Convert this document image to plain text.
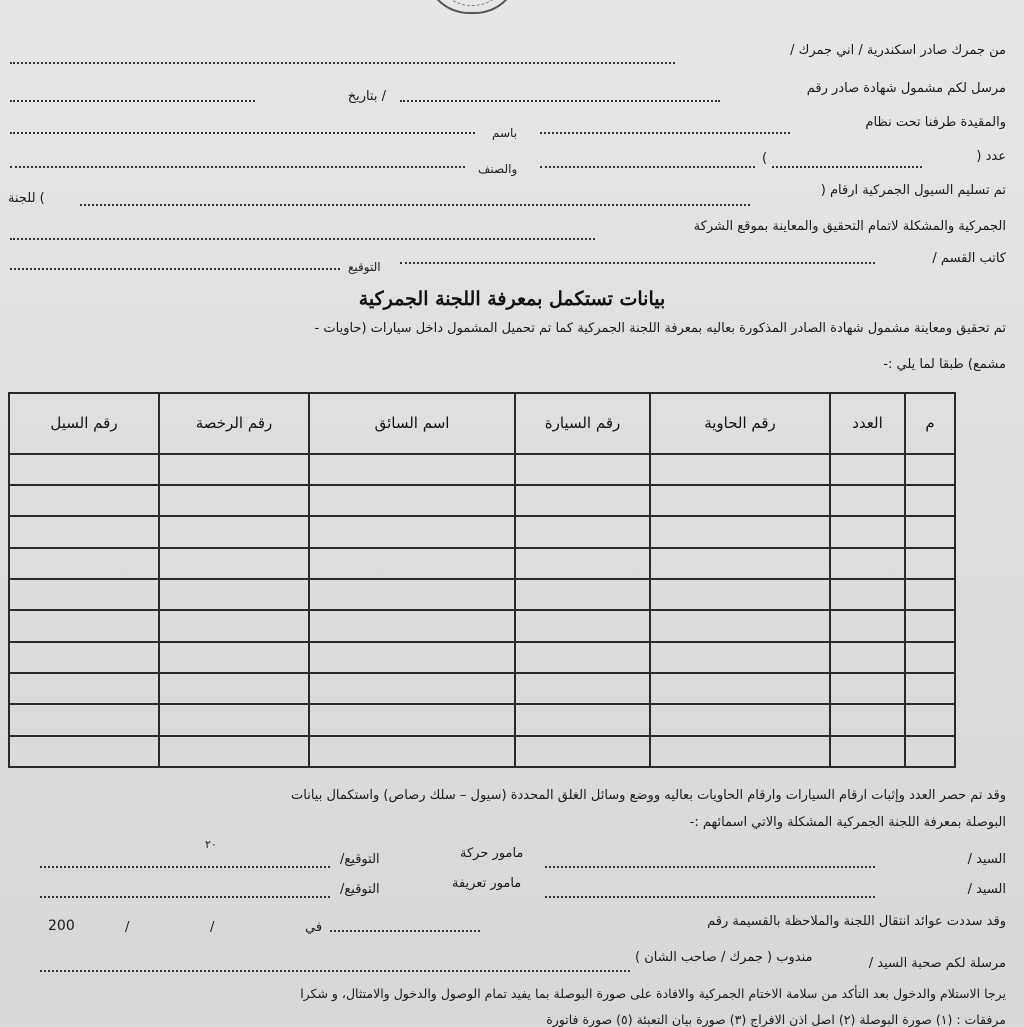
من جمرك صادر اسكندرية / اني جمرك /
مرسل لكم مشمول شهادة صادر رقم
/ بتاريخ
والمقيدة طرفنا تحت نظام
باسم
عدد (
)
والصنف
تم تسليم السيول الجمركية ارقام (
) للجنة
الجمركية والمشكلة لاتمام التحقيق والمعاينة بموقع الشركة
كاتب القسم /
التوقيع
بيانات تستكمل بمعرفة اللجنة الجمركية
تم تحقيق ومعاينة مشمول شهادة الصادر المذكورة بعاليه بمعرفة اللجنة الجمركية كما تم تحميل المشمول داخل سيارات (حاويات -
مشمع) طبقا لما يلي :-
م	العدد	رقم الحاوية	رقم السيارة	اسم السائق	رقم الرخصة	رقم السيل

وقد تم حصر العدد وإثبات ارقام السيارات وارقام الحاويات بعاليه ووضع وسائل الغلق المحددة (سيول – سلك رصاص) واستكمال بيانات
البوصلة بمعرفة اللجنة الجمركية المشكلة والاتي اسمائهم :-
٢٠
السيد /
مامور حركة
التوقيع/
السيد /
مامور تعريفة
التوقيع/
وقد سددت عوائد انتقال اللجنة والملاحظة بالقسيمة رقم
في
/
/
200
مندوب ( جمرك / صاحب الشان )	مرسلة لكم صحبة السيد /
يرجا الاستلام والدخول بعد التأكد من سلامة الاختام الجمركية والافادة على صورة البوصلة بما يفيد تمام الوصول والدخول والامتثال، و شكرا
مرفقات : (١) صورة البوصلة (٢) اصل اذن الافراج (٣) صورة بيان التعبئة (٥) صورة فاتورة
